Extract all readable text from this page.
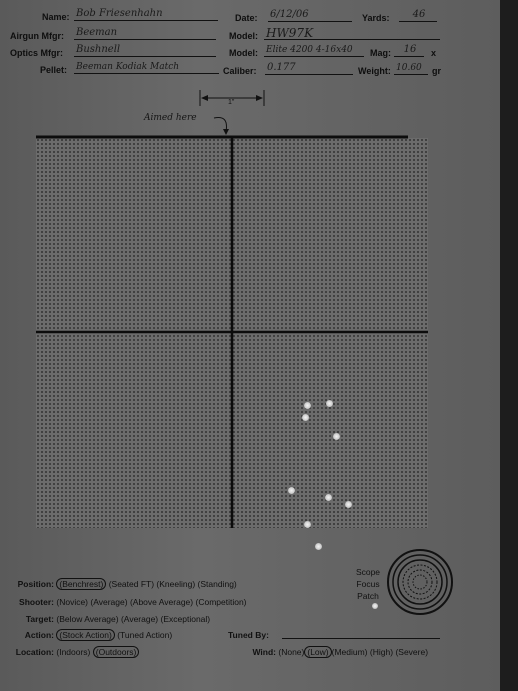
Name: Bob Friesenhahn	Date: 6/12/06	Yards:	46
Airgun Mfgr: Beeman	Model: HW97K
Optics Mfgr: Bushnell	Model: Elite 4200 4-16x40	Mag:	16	x
Pellet: Beeman Kodiak Match	Caliber: 0.177	Weight: 10.60	gr
1"
Aimed here
Position: (Benchrest) (Seated FT) (Kneeling) (Standing)
Shooter: (Novice) (Average) (Above Average) (Competition)
Target: (Below Average) (Average) (Exceptional)
Action: (Stock Action) (Tuned Action)	Tuned By:
Location: (Indoors) (Outdoors)	Wind: (None) (Low) (Medium) (High) (Severe)
Scope
Focus
Patch
